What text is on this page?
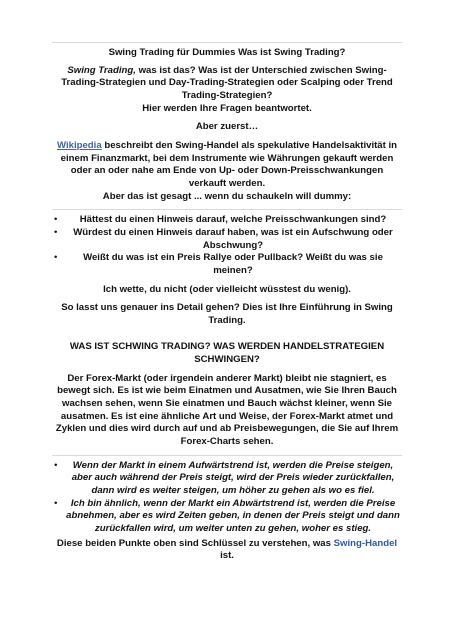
Swing Trading für Dummies Was ist Swing Trading?

Swing Trading, was ist das? Was ist der Unterschied zwischen Swing-Trading-Strategien und Day-Trading-Strategien oder Scalping oder Trend Trading-Strategien?
Hier werden Ihre Fragen beantwortet.

Aber zuerst…

Wikipedia beschreibt den Swing-Handel als spekulative Handelsaktivität in einem Finanzmarkt, bei dem Instrumente wie Währungen gekauft werden oder an oder nahe am Ende von Up- oder Down-Preisschwankungen verkauft werden.
Aber das ist gesagt ... wenn du schaukeln will dummy:

• Hättest du einen Hinweis darauf, welche Preisschwankungen sind?
• Würdest du einen Hinweis darauf haben, was ist ein Aufschwung oder Abschwung?
• Weißt du was ist ein Preis Rallye oder Pullback? Weißt du was sie meinen?

Ich wette, du nicht (oder vielleicht wüsstest du wenig).

So lasst uns genauer ins Detail gehen? Dies ist Ihre Einführung in Swing Trading.

WAS IST SCHWING TRADING? WAS WERDEN HANDELSTRATEGIEN SCHWINGEN?

Der Forex-Markt (oder irgendein anderer Markt) bleibt nie stagniert, es bewegt sich. Es ist wie beim Einatmen und Ausatmen, wie Sie Ihren Bauch wachsen sehen, wenn Sie einatmen und Bauch wächst kleiner, wenn Sie ausatmen. Es ist eine ähnliche Art und Weise, der Forex-Markt atmet und Zyklen und dies wird durch auf und ab Preisbewegungen, die Sie auf Ihrem Forex-Charts sehen.

• Wenn der Markt in einem Aufwärtstrend ist, werden die Preise steigen, aber auch während der Preis steigt, wird der Preis wieder zurückfallen, dann wird es weiter steigen, um höher zu gehen als wo es fiel.
• Ich bin ähnlich, wenn der Markt ein Abwärtstrend ist, werden die Preise abnehmen, aber es wird Zeiten geben, in denen der Preis steigt und dann zurückfallen wird, um weiter unten zu gehen, woher es stieg.

Diese beiden Punkte oben sind Schlüssel zu verstehen, was Swing-Handel ist.
